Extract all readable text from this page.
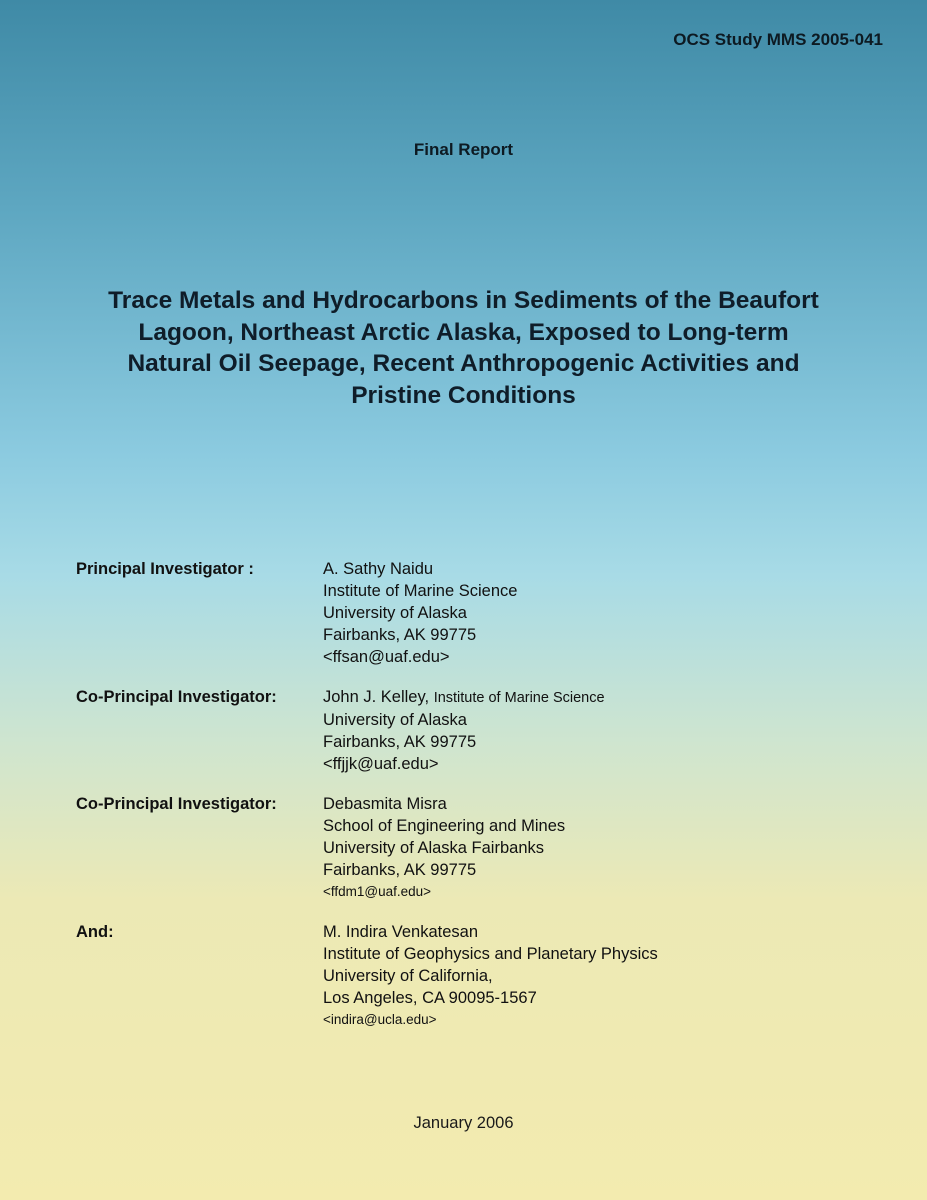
OCS Study MMS 2005-041
Final Report
Trace Metals and Hydrocarbons in Sediments of the Beaufort
Lagoon, Northeast Arctic Alaska, Exposed to Long-term
Natural Oil Seepage, Recent Anthropogenic Activities and
Pristine Conditions
Principal Investigator :	A. Sathy Naidu
Institute of Marine Science
University of Alaska
Fairbanks, AK 99775
<ffsan@uaf.edu>
Co-Principal Investigator:	John J. Kelley, Institute of Marine Science
University of Alaska
Fairbanks, AK 99775
<ffjjk@uaf.edu>
Co-Principal Investigator:	Debasmita Misra
School of Engineering and Mines
University of Alaska Fairbanks
Fairbanks, AK 99775
<ffdm1@uaf.edu>
And:	M. Indira Venkatesan
Institute of Geophysics and Planetary Physics
University of California,
Los Angeles, CA 90095-1567
<indira@ucla.edu>
January 2006
